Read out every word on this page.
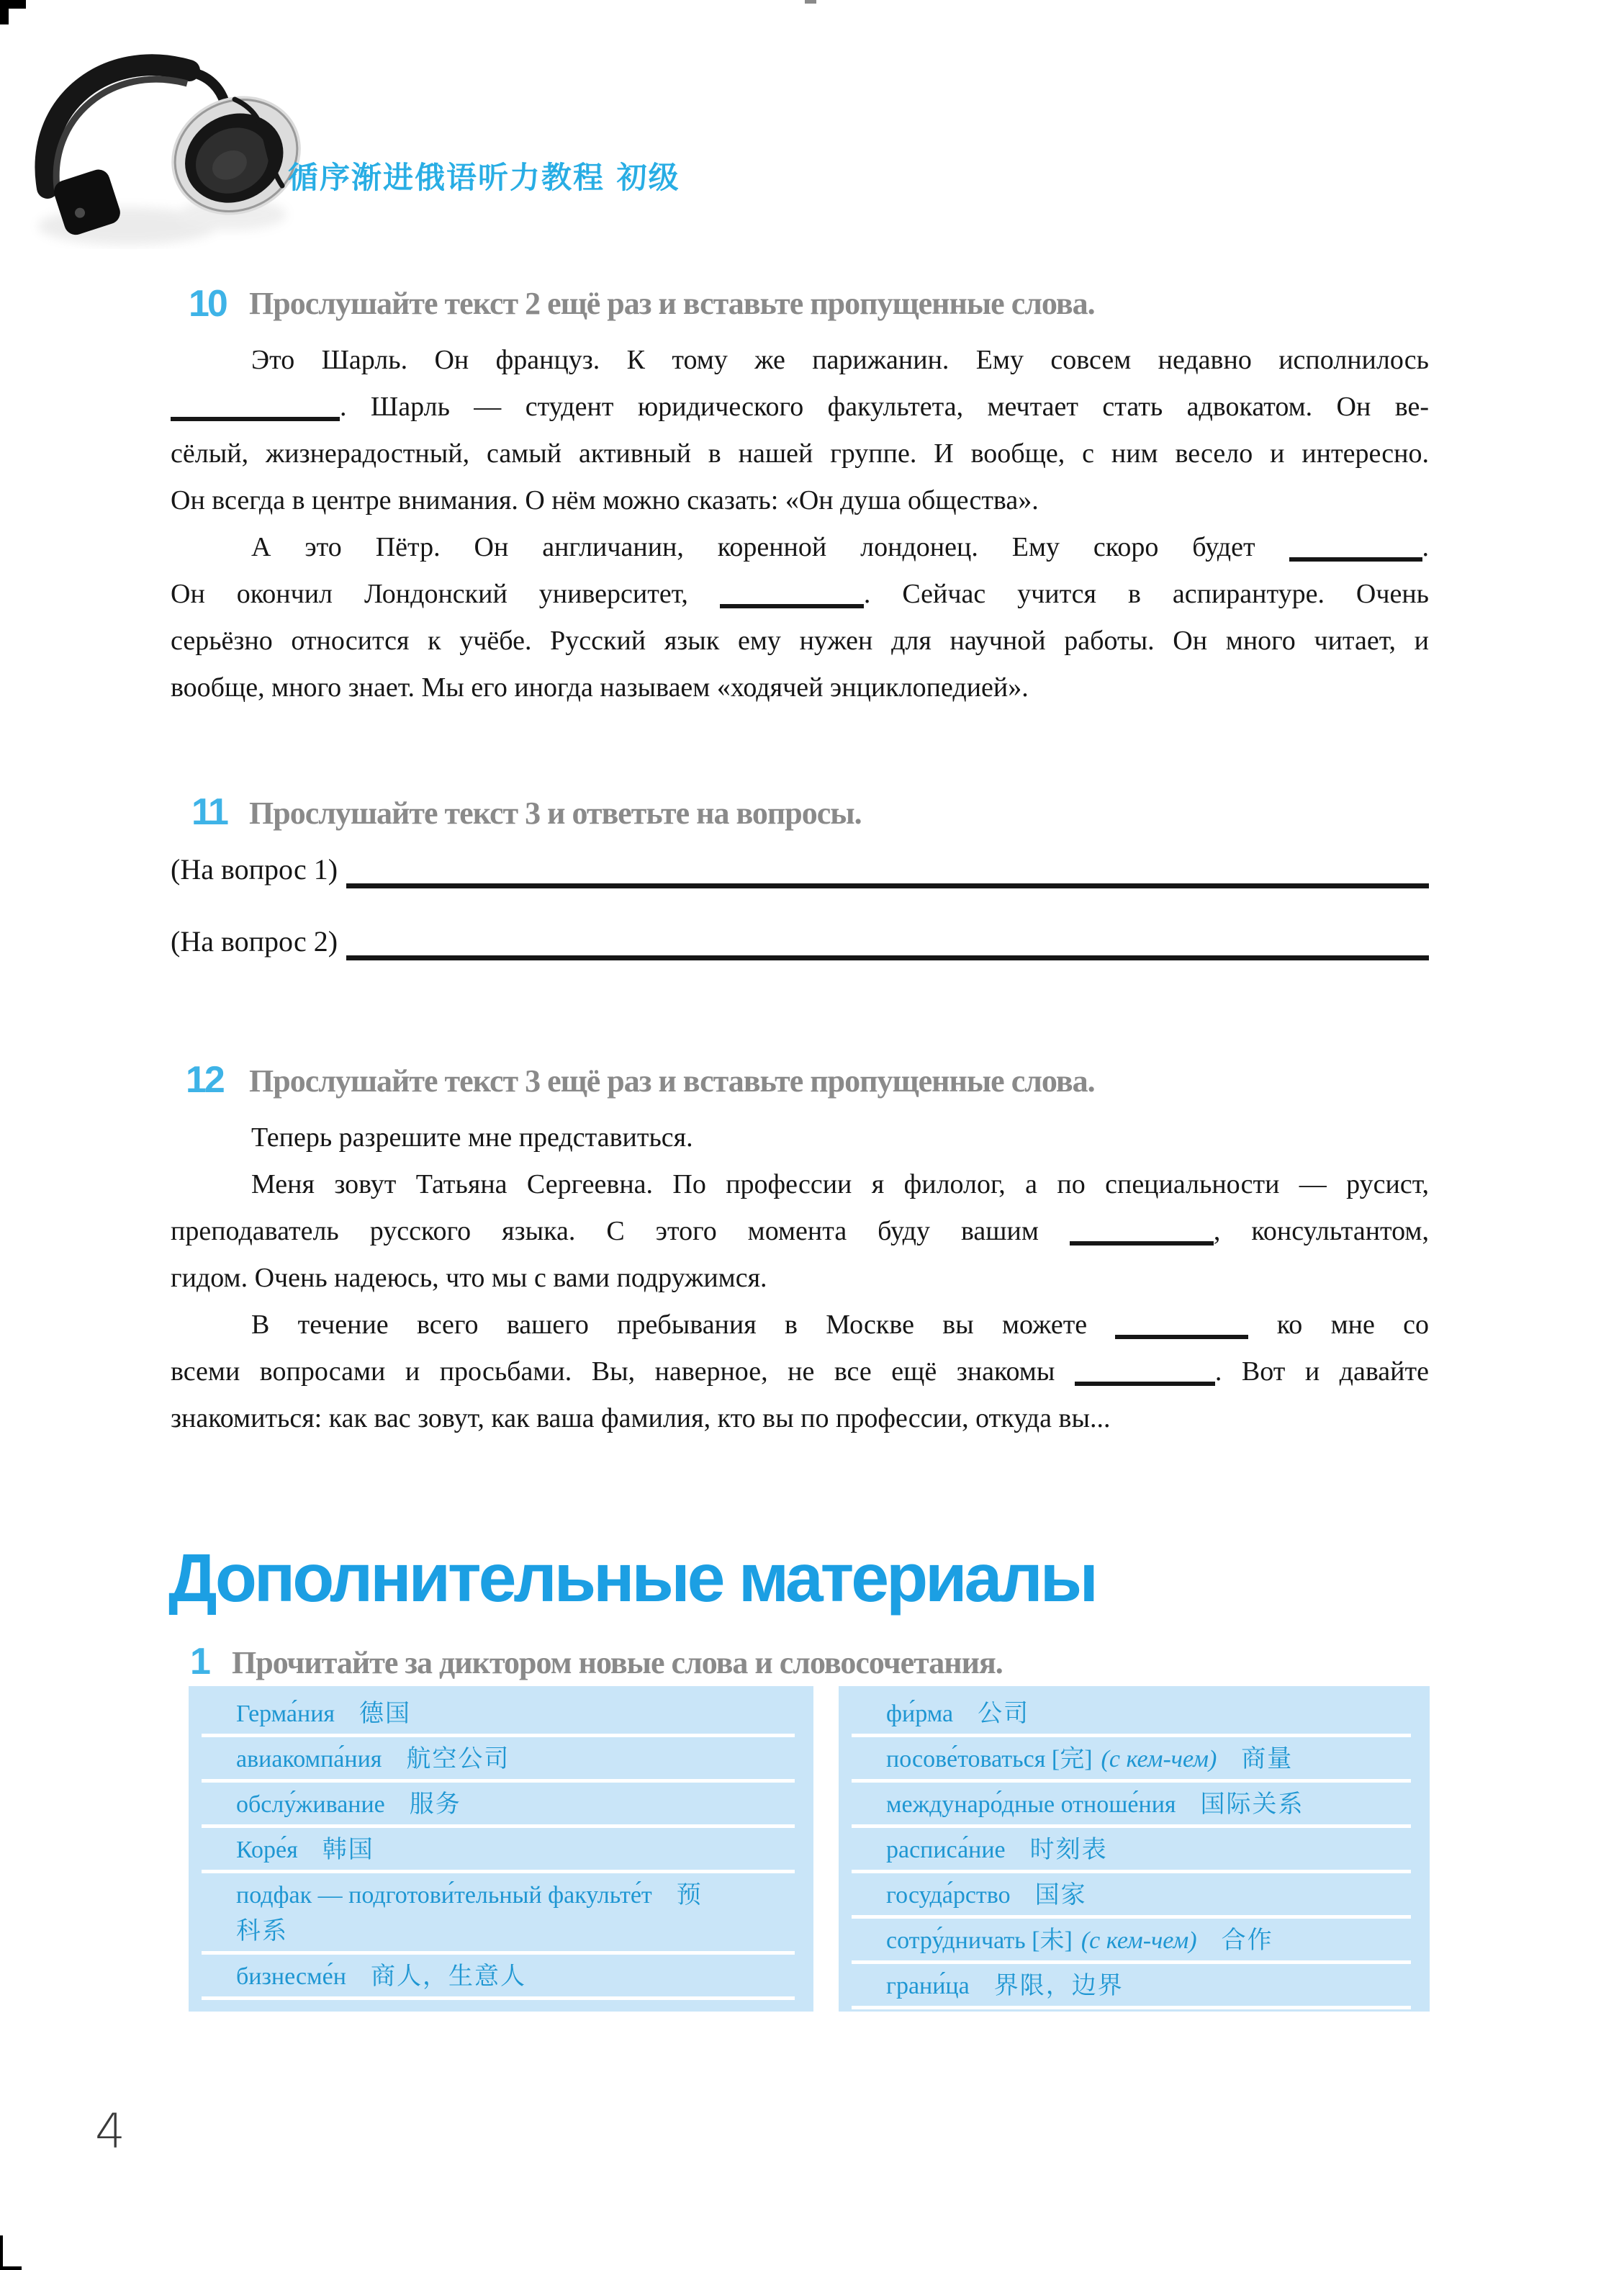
循序渐进俄语听力教程 初级
10 Прослушайте текст 2 ещё раз и вставьте пропущенные слова.
Это Шарль. Он француз. К тому же парижанин. Ему совсем недавно исполнилось
. Шарль — студент юридического факультета, мечтает стать адвокатом. Он ве-
сёлый, жизнерадостный, самый активный в нашей группе. И вообще, с ним весело и интересно.
Он всегда в центре внимания. О нём можно сказать: «Он душа общества».
А это Пётр. Он англичанин, коренной лондонец. Ему скоро будет	.
Он окончил Лондонский университет,	. Сейчас учится в аспирантуре. Очень
серьёзно относится к учёбе. Русский язык ему нужен для научной работы. Он много читает, и
вообще, много знает. Мы его иногда называем «ходячей энциклопедией».
11 Прослушайте текст 3 и ответьте на вопросы.
(На вопрос 1)
(На вопрос 2)
12 Прослушайте текст 3 ещё раз и вставьте пропущенные слова.
Теперь разрешите мне представиться.
Меня зовут Татьяна Сергеевна. По профессии я филолог, а по специальности — русист,
преподаватель русского языка. С этого момента буду вашим	, консультантом,
гидом. Очень надеюсь, что мы с вами подружимся.
В течение всего вашего пребывания в Москве вы можете	ко мне со
всеми вопросами и просьбами. Вы, наверное, не все ещё знакомы	. Вот и давайте
знакомиться: как вас зовут, как ваша фамилия, кто вы по профессии, откуда вы...
Дополнительные материалы
1 Прочитайте за диктором новые слова и словосочетания.
Герма́ния 德国
авиакомпа́ния 航空公司
обслу́живание 服务
Коре́я 韩国
подфак — подготови́тельный факульте́т 预
科系
бизнесме́н 商人，生意人
фи́рма 公司
посове́товаться [完] (с кем-чем) 商量
междунаро́дные отноше́ния 国际关系
расписа́ние 时刻表
госуда́рство 国家
сотру́дничать [未] (с кем-чем) 合作
грани́ца 界限，边界
4
